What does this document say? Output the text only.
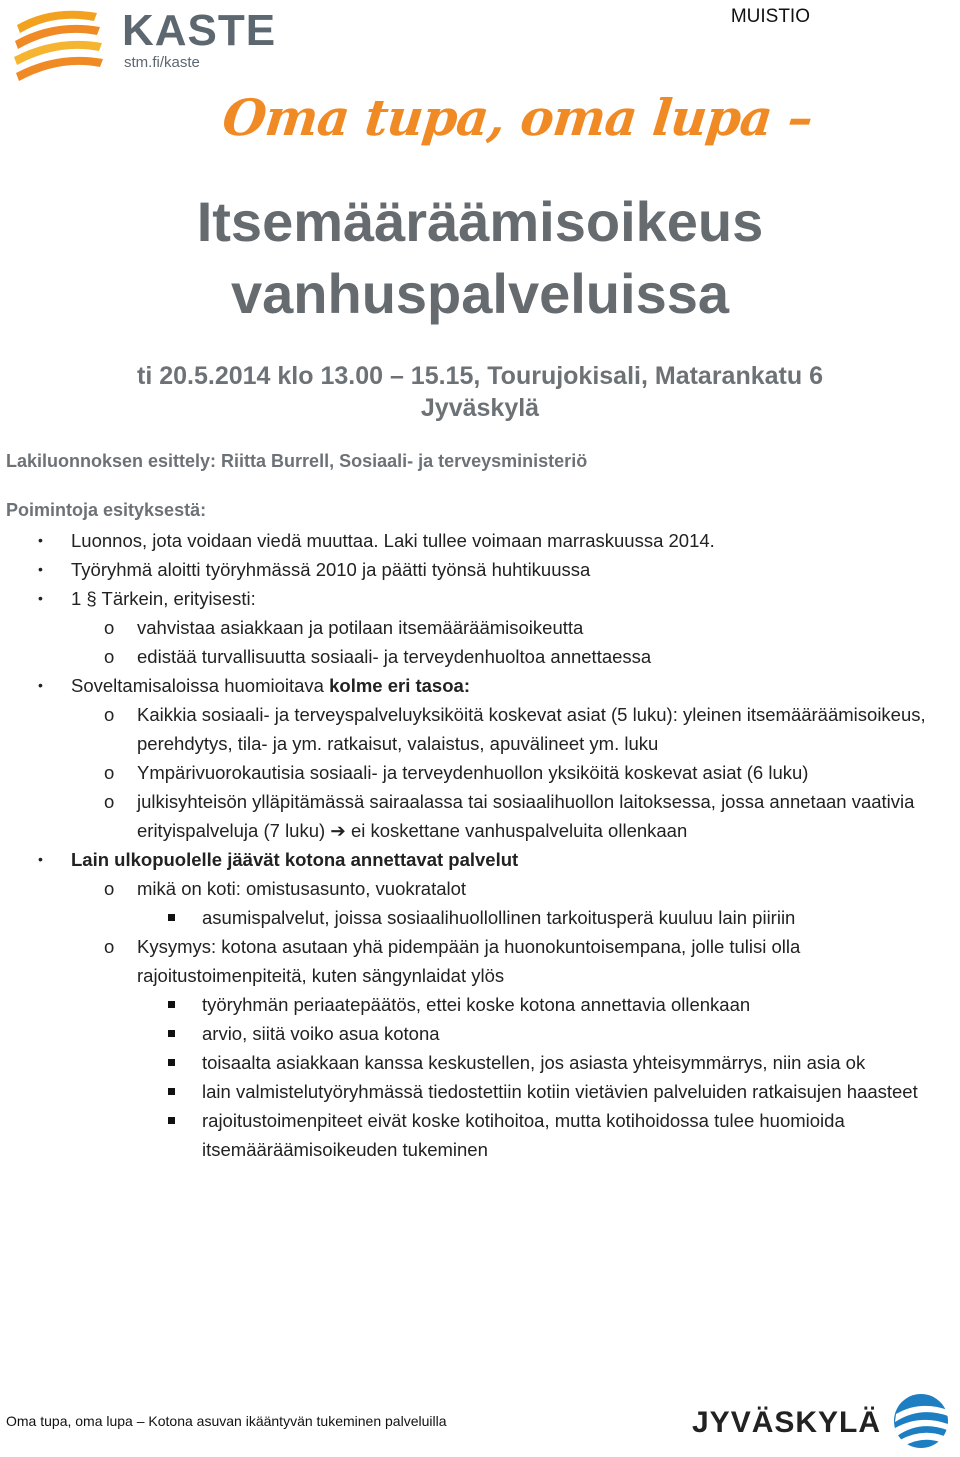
KASTE
stm.fi/kaste
MUISTIO
Oma tupa, oma lupa –
Itsemääräämisoikeus
vanhuspalveluissa
ti 20.5.2014 klo 13.00 – 15.15, Tourujokisali, Matarankatu 6
Jyväskylä
Lakiluonnoksen esittely: Riitta Burrell, Sosiaali- ja terveysministeriö
Poimintoja esityksestä:
• Luonnos, jota voidaan viedä muuttaa. Laki tullee voimaan marraskuussa 2014.
• Työryhmä aloitti työryhmässä 2010 ja päätti työnsä huhtikuussa
• 1 § Tärkein, erityisesti:
o vahvistaa asiakkaan ja potilaan itsemääräämisoikeutta
o edistää turvallisuutta sosiaali- ja terveydenhuoltoa annettaessa
• Soveltamisaloissa huomioitava kolme eri tasoa:
o Kaikkia sosiaali- ja terveyspalveluyksiköitä koskevat asiat (5 luku): yleinen itsemääräämisoikeus, perehdytys, tila- ja ym. ratkaisut, valaistus, apuvälineet ym. luku
o Ympärivuorokautisia sosiaali- ja terveydenhuollon yksiköitä koskevat asiat (6 luku)
o julkisyhteisön ylläpitämässä sairaalassa tai sosiaalihuollon laitoksessa, jossa annetaan vaativia erityispalveluja (7 luku) ➔ ei koskettane vanhuspalveluita ollenkaan
• Lain ulkopuolelle jäävät kotona annettavat palvelut
o mikä on koti: omistusasunto, vuokratalot
asumispalvelut, joissa sosiaalihuollollinen tarkoitusperä kuuluu lain piiriin
o Kysymys: kotona asutaan yhä pidempään ja huonokuntoisempana, jolle tulisi olla rajoitustoimenpiteitä, kuten sängynlaidat ylös
työryhmän periaatepäätös, ettei koske kotona annettavia ollenkaan
arvio, siitä voiko asua kotona
toisaalta asiakkaan kanssa keskustellen, jos asiasta yhteisymmärrys, niin asia ok
lain valmistelutyöryhmässä tiedostettiin kotiin vietävien palveluiden ratkaisujen haasteet
rajoitustoimenpiteet eivät koske kotihoitoa, mutta kotihoidossa tulee huomioida itsemääräämisoikeuden tukeminen
Oma tupa, oma lupa – Kotona asuvan ikääntyvän tukeminen palveluilla	JYVÄSKYLÄ
